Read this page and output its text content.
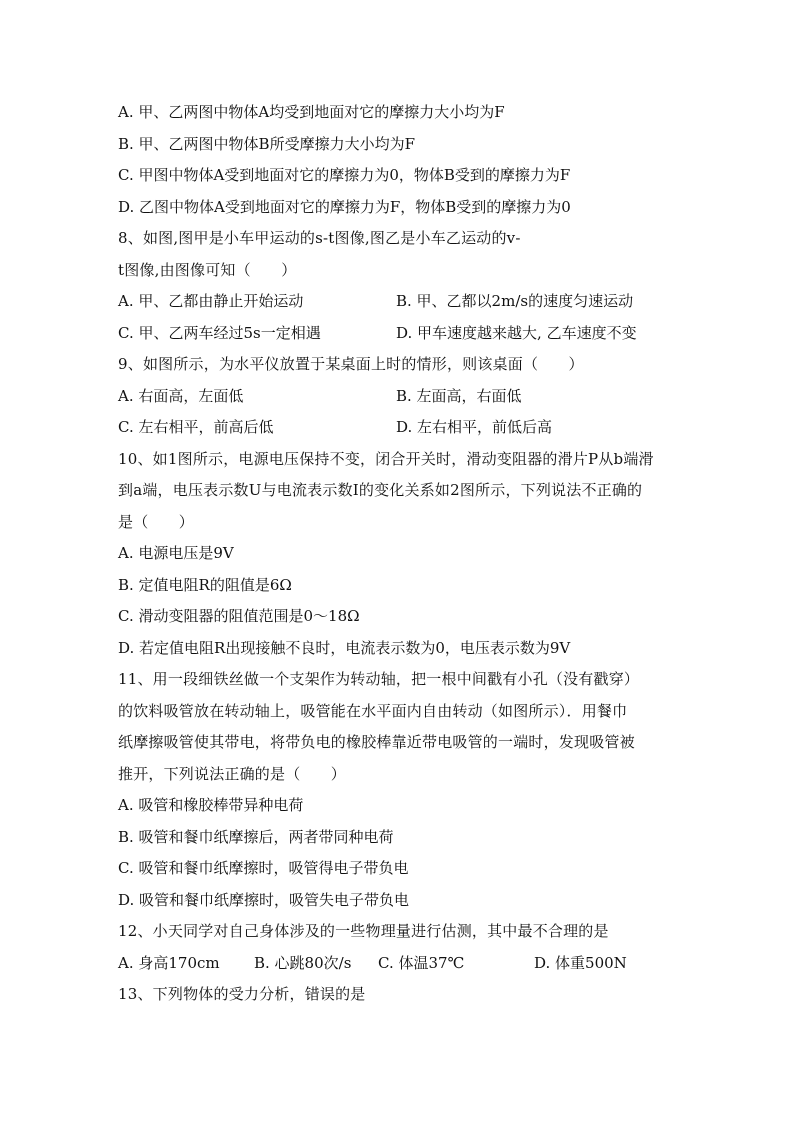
A. 甲、乙两图中物体A均受到地面对它的摩擦力大小均为F
B. 甲、乙两图中物体B所受摩擦力大小均为F
C. 甲图中物体A受到地面对它的摩擦力为0，物体B受到的摩擦力为F
D. 乙图中物体A受到地面对它的摩擦力为F，物体B受到的摩擦力为0
8、如图,图甲是小车甲运动的s-t图像,图乙是小车乙运动的v-
t图像,由图像可知（　　）
A. 甲、乙都由静止开始运动	B. 甲、乙都以2m/s的速度匀速运动
C. 甲、乙两车经过5s一定相遇	D. 甲车速度越来越大, 乙车速度不变
9、如图所示，为水平仪放置于某桌面上时的情形，则该桌面（　　）
A. 右面高，左面低	B. 左面高，右面低
C. 左右相平，前高后低	D. 左右相平，前低后高
10、如1图所示，电源电压保持不变，闭合开关时，滑动变阻器的滑片P从b端滑
到a端，电压表示数U与电流表示数I的变化关系如2图所示，下列说法不正确的
是（　　）
A. 电源电压是9V
B. 定值电阻R的阻值是6Ω
C. 滑动变阻器的阻值范围是0～18Ω
D. 若定值电阻R出现接触不良时，电流表示数为0，电压表示数为9V
11、用一段细铁丝做一个支架作为转动轴，把一根中间戳有小孔（没有戳穿）
的饮料吸管放在转动轴上，吸管能在水平面内自由转动（如图所示）．用餐巾
纸摩擦吸管使其带电，将带负电的橡胶棒靠近带电吸管的一端时，发现吸管被
推开，下列说法正确的是（　　）
A. 吸管和橡胶棒带异种电荷
B. 吸管和餐巾纸摩擦后，两者带同种电荷
C. 吸管和餐巾纸摩擦时，吸管得电子带负电
D. 吸管和餐巾纸摩擦时，吸管失电子带负电
12、小天同学对自己身体涉及的一些物理量进行估测，其中最不合理的是
A. 身高170cm B. 心跳80次/s C. 体温37℃	D. 体重500N
13、下列物体的受力分析，错误的是
